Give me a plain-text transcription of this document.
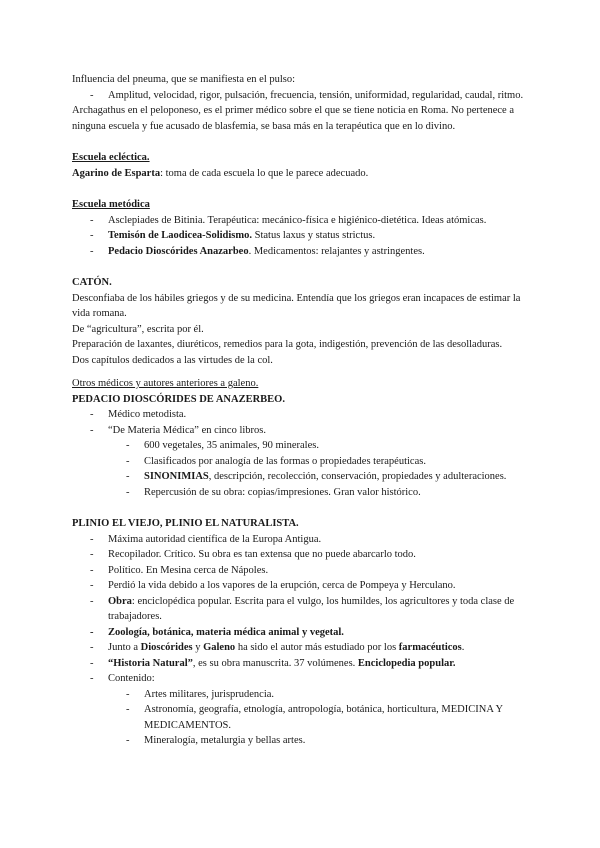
Influencia del pneuma, que se manifiesta en el pulso:

- Amplitud, velocidad, rigor, pulsación, frecuencia, tensión, uniformidad, regularidad, caudal, ritmo.

Archagathus en el peloponeso, es el primer médico sobre el que se tiene noticia en Roma. No pertenece a ninguna escuela y fue acusado de blasfemia, se basa más en la terapéutica que en lo divino.

Escuela ecléctica.

Agarino de Esparta: toma de cada escuela lo que le parece adecuado.

Escuela metódica

- Asclepiades de Bitinia. Terapéutica: mecánico-física e higiénico-dietética. Ideas atómicas.
- Temisón de Laodicea-Solidismo. Status laxus y status strictus.
- Pedacio Dioscórides Anazarbeo. Medicamentos: relajantes y astringentes.

CATÓN.

Desconfiaba de los hábiles griegos y de su medicina. Entendía que los griegos eran incapaces de estimar la vida romana.

De “agricultura”, escrita por él.

Preparación de laxantes, diuréticos, remedios para la gota, indigestión, prevención de las desolladuras.

Dos capítulos dedicados a las virtudes de la col.

Otros médicos y autores anteriores a galeno.

PEDACIO DIOSCÓRIDES DE ANAZERBEO.

- Médico metodista.
- “De Materia Médica” en cinco libros.
- 600 vegetales, 35 animales, 90 minerales.
- Clasificados por analogía de las formas o propiedades terapéuticas.
- SINONIMIAS, descripción, recolección, conservación, propiedades y adulteraciones.
- Repercusión de su obra: copias/impresiones. Gran valor histórico.

PLINIO EL VIEJO, PLINIO EL NATURALISTA.

- Máxima autoridad científica de la Europa Antigua.
- Recopilador. Crítico. Su obra es tan extensa que no puede abarcarlo todo.
- Político. En Mesina cerca de Nápoles.
- Perdió la vida debido a los vapores de la erupción, cerca de Pompeya y Herculano.
- Obra: enciclopédica popular. Escrita para el vulgo, los humildes, los agricultores y toda clase de trabajadores.
- Zoología, botánica, materia médica animal y vegetal.
- Junto a Dioscórides y Galeno ha sido el autor más estudiado por los farmacéuticos.
- “Historia Natural”, es su obra manuscrita. 37 volúmenes. Enciclopedia popular.
- Contenido:
- Artes militares, jurisprudencia.
- Astronomía, geografía, etnología, antropología, botánica, horticultura, MEDICINA Y MEDICAMENTOS.
- Mineralogía, metalurgia y bellas artes.
